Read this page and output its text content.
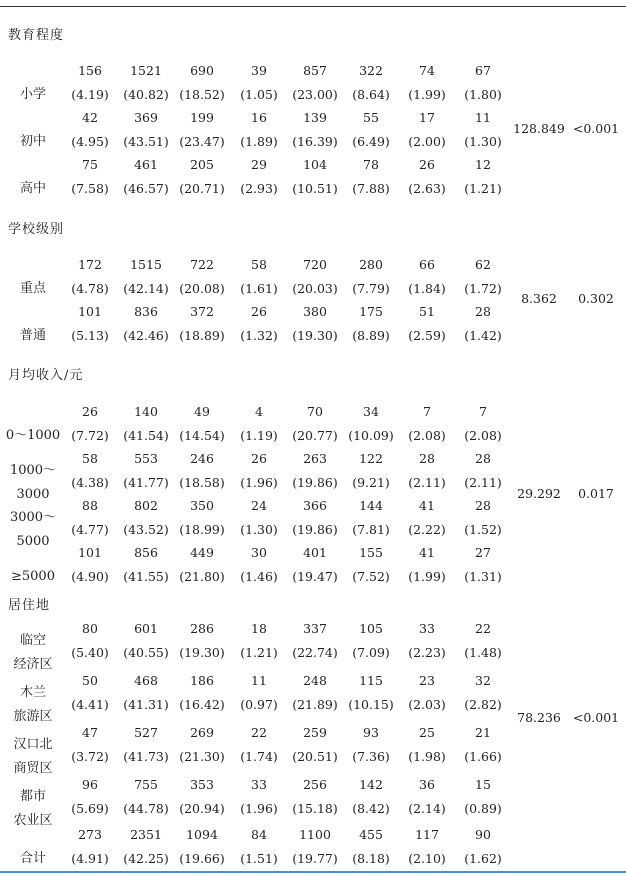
教育程度
小学
156	1521	690	39	857	322	74	67
(4.19)	(40.82) (18.52)	(1.05)	(23.00)	(8.64)	(1.99)	(1.80)
初中
42	369	199	16	139	55	17	11
(4.95)	(43.51) (23.47)	(1.89)	(16.39)	(6.49)	(2.00)	(1.30)
高中
75	461	205	29	104	78	26	12
(7.58)	(46.57) (20.71)	(2.93)	(10.51)	(7.88)	(2.63)	(1.21)
128.849 <0.001
学校级别
重点
172	1515	722	58	720	280	66	62
(4.78)	(42.14) (20.08)	(1.61)	(20.03)	(7.79)	(1.84)	(1.72)
普通
101	836	372	26	380	175	51	28
(5.13)	(42.46) (18.89)	(1.32)	(19.30)	(8.89)	(2.59)	(1.42)
8.362	0.302
月均收入/元
0～1000
26	140	49	4	70	34	7	7
(7.72)	(41.54) (14.54)	(1.19)	(20.77) (10.09)	(2.08)	(2.08)
1000～
3000
58	553	246	26	263	122	28	28
(4.38)	(41.77) (18.58)	(1.96)	(19.86)	(9.21)	(2.11)	(2.11)
3000～
5000
88	802	350	24	366	144	41	28
(4.77)	(43.52) (18.99)	(1.30)	(19.86)	(7.81)	(2.22)	(1.52)
≥5000
101	856	449	30	401	155	41	27
(4.90)	(41.55) (21.80)	(1.46)	(19.47)	(7.52)	(1.99)	(1.31)
29.292	0.017
居住地
临空
经济区
80	601	286	18	337	105	33	22
(5.40)	(40.55) (19.30)	(1.21)	(22.74)	(7.09)	(2.23)	(1.48)
木兰
旅游区
50	468	186	11	248	115	23	32
(4.41)	(41.31) (16.42)	(0.97)	(21.89) (10.15)	(2.03)	(2.82)
汉口北
商贸区
47	527	269	22	259	93	25	21
(3.72)	(41.73) (21.30)	(1.74)	(20.51)	(7.36)	(1.98)	(1.66)
都市
农业区
96	755	353	33	256	142	36	15
(5.69)	(44.78) (20.94)	(1.96)	(15.18)	(8.42)	(2.14)	(0.89)
78.236 <0.001
合计
273	2351	1094	84	1100	455	117	90
(4.91)	(42.25) (19.66)	(1.51)	(19.77)	(8.18)	(2.10)	(1.62)
